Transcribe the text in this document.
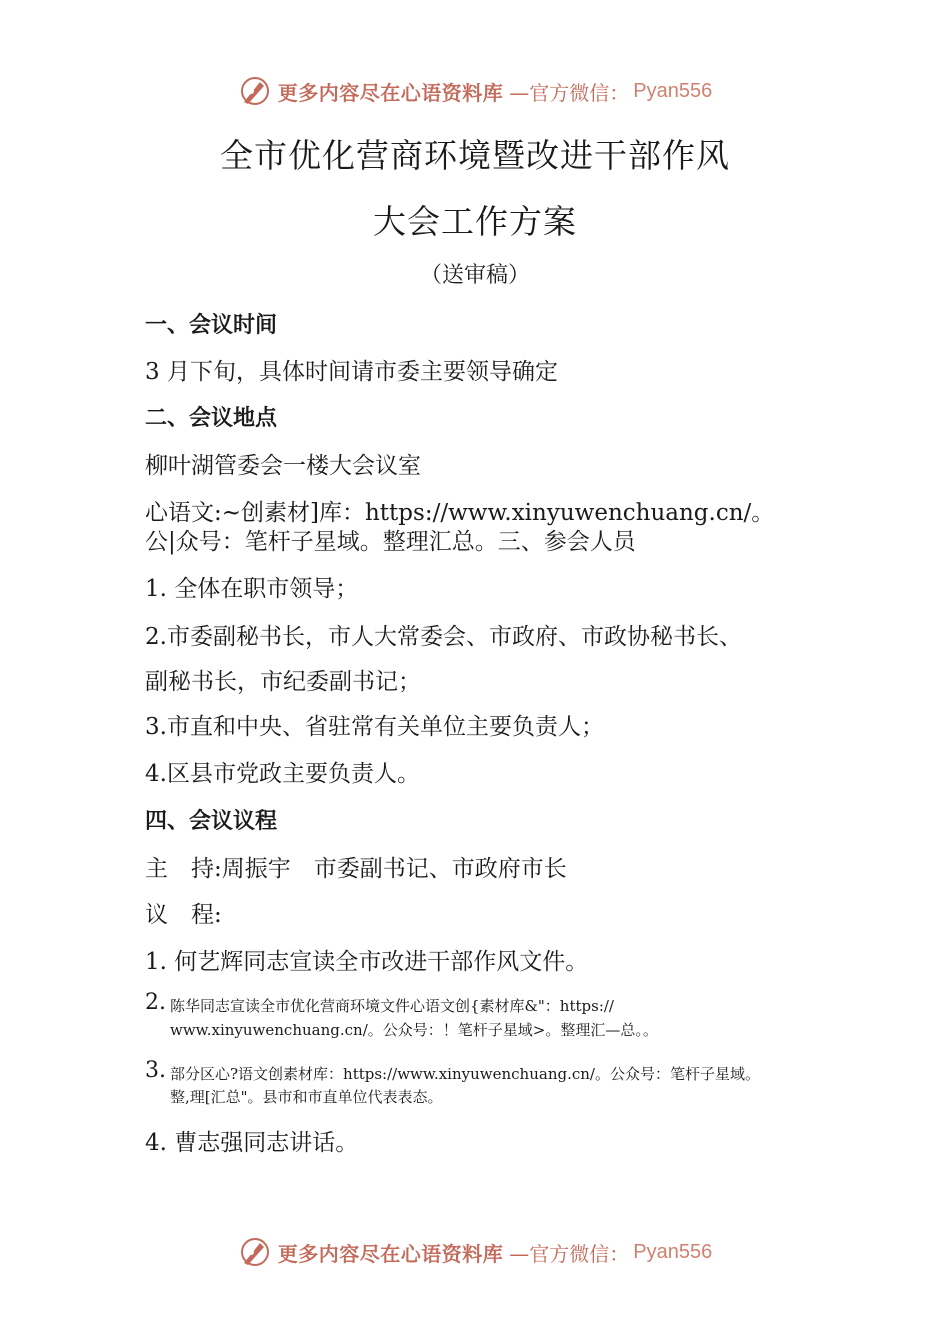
更多内容尽在心语资料库 —官方微信： Pyan556
全市优化营商环境暨改进干部作风
大会工作方案
（送审稿）
一、会议时间
3 月下旬，具体时间请市委主要领导确定
二、会议地点
柳叶湖管委会一楼大会议室
心语文:~创素材]库：https://www.xinyuwenchuang.cn/。
公|众号：笔杆子星域。整理汇总。三、参会人员
1. 全体在职市领导；
2.市委副秘书长，市人大常委会、市政府、市政协秘书长、
副秘书长，市纪委副书记；
3.市直和中央、省驻常有关单位主要负责人；
4.区县市党政主要负责人。
四、会议议程
主　持:周振宇　市委副书记、市政府市长
议　程:
1. 何艺辉同志宣读全市改进干部作风文件。
2. 陈华同志宣读全市优化营商环境文件心语文创{素材库&"：https://
www.xinyuwenchuang.cn/。公众号：！笔杆子星域>。整理汇—总。。
3. 部分区心?语文创素材库：https://www.xinyuwenchuang.cn/。公众号：笔杆子星域。
整,理[汇总"。县市和市直单位代表表态。
4. 曹志强同志讲话。
更多内容尽在心语资料库 —官方微信： Pyan556
